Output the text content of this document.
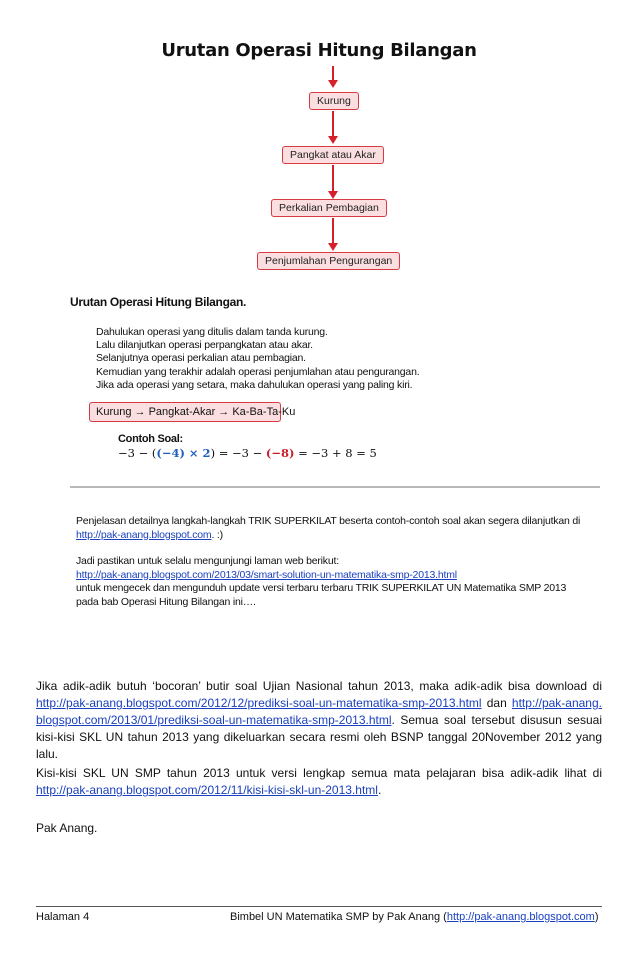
Urutan Operasi Hitung Bilangan
Kurung
Pangkat atau Akar
Perkalian Pembagian
Penjumlahan Pengurangan
Urutan Operasi Hitung Bilangan.
Dahulukan operasi yang ditulis dalam tanda kurung.
Lalu dilanjutkan operasi perpangkatan atau akar.
Selanjutnya operasi perkalian atau pembagian.
Kemudian yang terakhir adalah operasi penjumlahan atau pengurangan.
Jika ada operasi yang setara, maka dahulukan operasi yang paling kiri.
Kurung → Pangkat-Akar → Ka-Ba-Ta-Ku
Contoh Soal:
−3 − ((−4) × 2) = −3 − (−8) = −3 + 8 = 5
Penjelasan detailnya langkah-langkah TRIK SUPERKILAT beserta contoh-contoh soal akan segera dilanjutkan di
http://pak-anang.blogspot.com. :)
Jadi pastikan untuk selalu mengunjungi laman web berikut:
http://pak-anang.blogspot.com/2013/03/smart-solution-un-matematika-smp-2013.html
untuk mengecek dan mengunduh update versi terbaru terbaru TRIK SUPERKILAT UN Matematika SMP 2013
pada bab Operasi Hitung Bilangan ini….
Jika adik-adik butuh ‘bocoran’ butir soal Ujian Nasional tahun 2013, maka adik-adik bisa download di http://pak-anang.blogspot.com/2012/12/prediksi-soal-un-matematika-smp-2013.html dan http://pak-anang.blogspot.com/2013/01/prediksi-soal-un-matematika-smp-2013.html. Semua soal tersebut disusun sesuai kisi-kisi SKL UN tahun 2013 yang dikeluarkan secara resmi oleh BSNP tanggal 20November 2012 yang lalu.
Kisi-kisi SKL UN SMP tahun 2013 untuk versi lengkap semua mata pelajaran bisa adik-adik lihat di http://pak-anang.blogspot.com/2012/11/kisi-kisi-skl-un-2013.html.
Pak Anang.
Halaman 4	Bimbel UN Matematika SMP by Pak Anang (http://pak-anang.blogspot.com)
